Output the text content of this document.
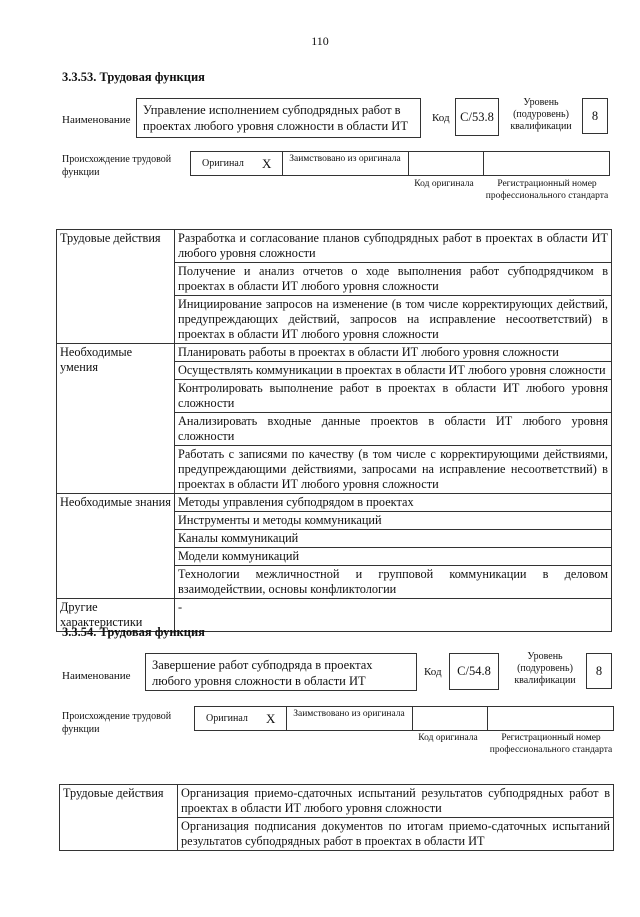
110
3.3.53. Трудовая функция
Наименование
Управление исполнением субподрядных работ в проектах любого уровня сложности в области ИТ
Код C/53.8
Уровень (подуровень) квалификации
8
Происхождение трудовой функции
Оригинал X	Заимствовано из оригинала
Код оригинала	Регистрационный номер профессионального стандарта
Трудовые действия	Разработка и согласование планов субподрядных работ в проектах в области ИТ любого уровня сложности
	Получение и анализ отчетов о ходе выполнения работ субподрядчиком в проектах в области ИТ любого уровня сложности
	Инициирование запросов на изменение (в том числе корректирующих действий, предупреждающих действий, запросов на исправление несоответствий) в проектах в области ИТ любого уровня сложности
Необходимые умения	Планировать работы в проектах в области ИТ любого уровня сложности
	Осуществлять коммуникации в проектах в области ИТ любого уровня сложности
	Контролировать выполнение работ в проектах в области ИТ любого уровня сложности
	Анализировать входные данные проектов в области ИТ любого уровня сложности
	Работать с записями по качеству (в том числе с корректирующими действиями, предупреждающими действиями, запросами на исправление несоответствий) в проектах в области ИТ любого уровня сложности
Необходимые знания	Методы управления субподрядом в проектах
	Инструменты и методы коммуникаций
	Каналы коммуникаций
	Модели коммуникаций
	Технологии межличностной и групповой коммуникации в деловом взаимодействии, основы конфликтологии
Другие характеристики	-
3.3.54. Трудовая функция
Наименование
Завершение работ субподряда в проектах любого уровня сложности в области ИТ
Код	C/54.8
Уровень (подуровень) квалификации
8
Происхождение трудовой функции
Оригинал X	Заимствовано из оригинала
Код оригинала	Регистрационный номер профессионального стандарта
Трудовые действия	Организация приемо-сдаточных испытаний результатов субподрядных работ в проектах в области ИТ любого уровня сложности
Организация подписания документов по итогам приемо-сдаточных испытаний результатов субподрядных работ в проектах в области ИТ
